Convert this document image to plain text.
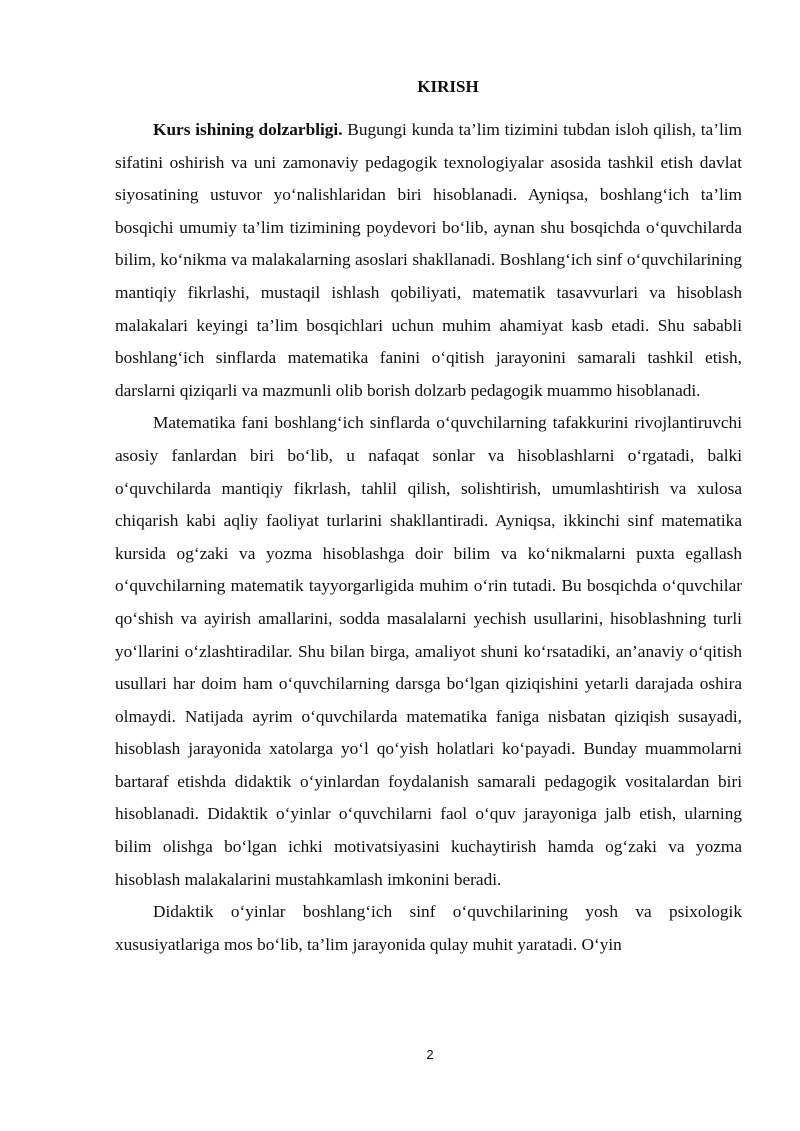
KIRISH

Kurs ishining dolzarbligi. Bugungi kunda ta’lim tizimini tubdan isloh qilish, ta’lim sifatini oshirish va uni zamonaviy pedagogik texnologiyalar asosida tashkil etish davlat siyosatining ustuvor yo‘nalishlaridan biri hisoblanadi. Ayniqsa, boshlang‘ich ta’lim bosqichi umumiy ta’lim tizimining poydevori bo‘lib, aynan shu bosqichda o‘quvchilarda bilim, ko‘nikma va malakalarning asoslari shakllanadi. Boshlang‘ich sinf o‘quvchilarining mantiqiy fikrlashi, mustaqil ishlash qobiliyati, matematik tasavvurlari va hisoblash malakalari keyingi ta’lim bosqichlari uchun muhim ahamiyat kasb etadi. Shu sababli boshlang‘ich sinflarda matematika fanini o‘qitish jarayonini samarali tashkil etish, darslarni qiziqarli va mazmunli olib borish dolzarb pedagogik muammo hisoblanadi.

Matematika fani boshlang‘ich sinflarda o‘quvchilarning tafakkurini rivojlantiruvchi asosiy fanlardan biri bo‘lib, u nafaqat sonlar va hisoblashlarni o‘rgatadi, balki o‘quvchilarda mantiqiy fikrlash, tahlil qilish, solishtirish, umumlashtirish va xulosa chiqarish kabi aqliy faoliyat turlarini shakllantiradi. Ayniqsa, ikkinchi sinf matematika kursida og‘zaki va yozma hisoblashga doir bilim va ko‘nikmalarni puxta egallash o‘quvchilarning matematik tayyorgarligida muhim o‘rin tutadi. Bu bosqichda o‘quvchilar qo‘shish va ayirish amallarini, sodda masalalarni yechish usullarini, hisoblashning turli yo‘llarini o‘zlashtiradilar. Shu bilan birga, amaliyot shuni ko‘rsatadiki, an’anaviy o‘qitish usullari har doim ham o‘quvchilarning darsga bo‘lgan qiziqishini yetarli darajada oshira olmaydi. Natijada ayrim o‘quvchilarda matematika faniga nisbatan qiziqish susayadi, hisoblash jarayonida xatolarga yo‘l qo‘yish holatlari ko‘payadi. Bunday muammolarni bartaraf etishda didaktik o‘yinlardan foydalanish samarali pedagogik vositalardan biri hisoblanadi. Didaktik o‘yinlar o‘quvchilarni faol o‘quv jarayoniga jalb etish, ularning bilim olishga bo‘lgan ichki motivatsiyasini kuchaytirish hamda og‘zaki va yozma hisoblash malakalarini mustahkamlash imkonini beradi.

Didaktik o‘yinlar boshlang‘ich sinf o‘quvchilarining yosh va psixologik xususiyatlariga mos bo‘lib, ta’lim jarayonida qulay muhit yaratadi. O‘yin

2
